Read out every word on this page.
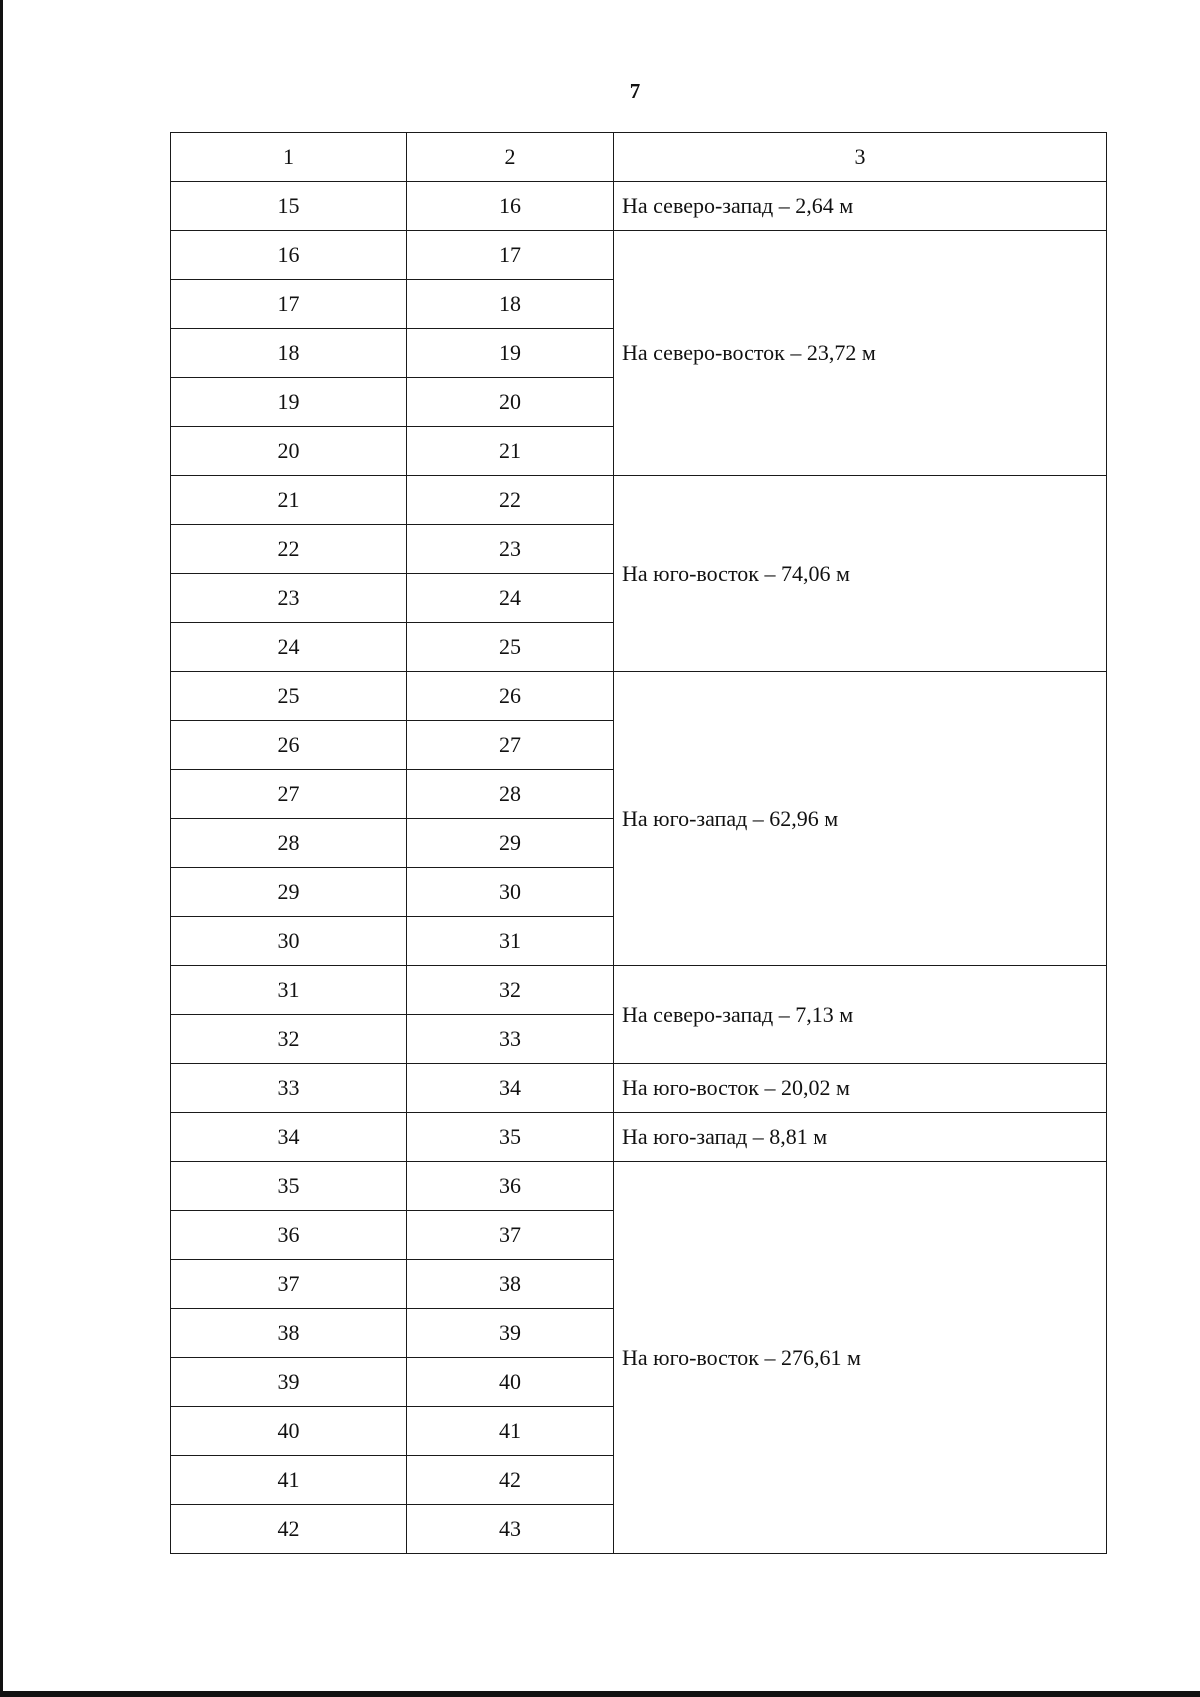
7
1	2	3
15	16	На северо-запад – 2,64 м
16	17	На северо-восток – 23,72 м
17	18	
18	19	
19	20	
20	21	
21	22	На юго-восток – 74,06 м
22	23	
23	24	
24	25	
25	26	На юго-запад – 62,96 м
26	27	
27	28	
28	29	
29	30	
30	31	
31	32	На северо-запад – 7,13 м
32	33	
33	34	На юго-восток – 20,02 м
34	35	На юго-запад – 8,81 м
35	36	На юго-восток – 276,61 м
36	37	
37	38	
38	39	
39	40	
40	41	
41	42	
42	43	
